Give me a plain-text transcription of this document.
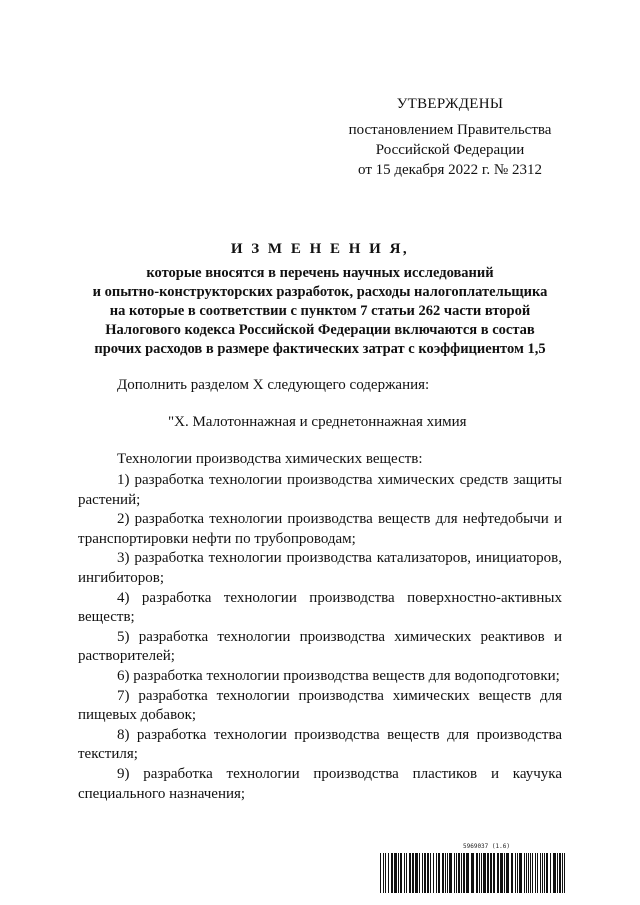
УТВЕРЖДЕНЫ
постановлением Правительства
Российской Федерации
от 15 декабря 2022 г. № 2312
И З М Е Н Е Н И Я,
которые вносятся в перечень научных исследований
и опытно-конструкторских разработок, расходы налогоплательщика
на которые в соответствии с пунктом 7 статьи 262 части второй
Налогового кодекса Российской Федерации включаются в состав
прочих расходов в размере фактических затрат с коэффициентом 1,5
Дополнить разделом X следующего содержания:
"X. Малотоннажная и среднетоннажная химия
Технологии производства химических веществ:
1) разработка технологии производства химических средств защиты растений;
2) разработка технологии производства веществ для нефтедобычи и транспортировки нефти по трубопроводам;
3) разработка технологии производства катализаторов, инициаторов, ингибиторов;
4) разработка технологии производства поверхностно-активных веществ;
5) разработка технологии производства химических реактивов и растворителей;
6) разработка технологии производства веществ для водоподготовки;
7) разработка технологии производства химических веществ для пищевых добавок;
8) разработка технологии производства веществ для производства текстиля;
9) разработка технологии производства пластиков и каучука специального назначения;
5969037 (1.6)
